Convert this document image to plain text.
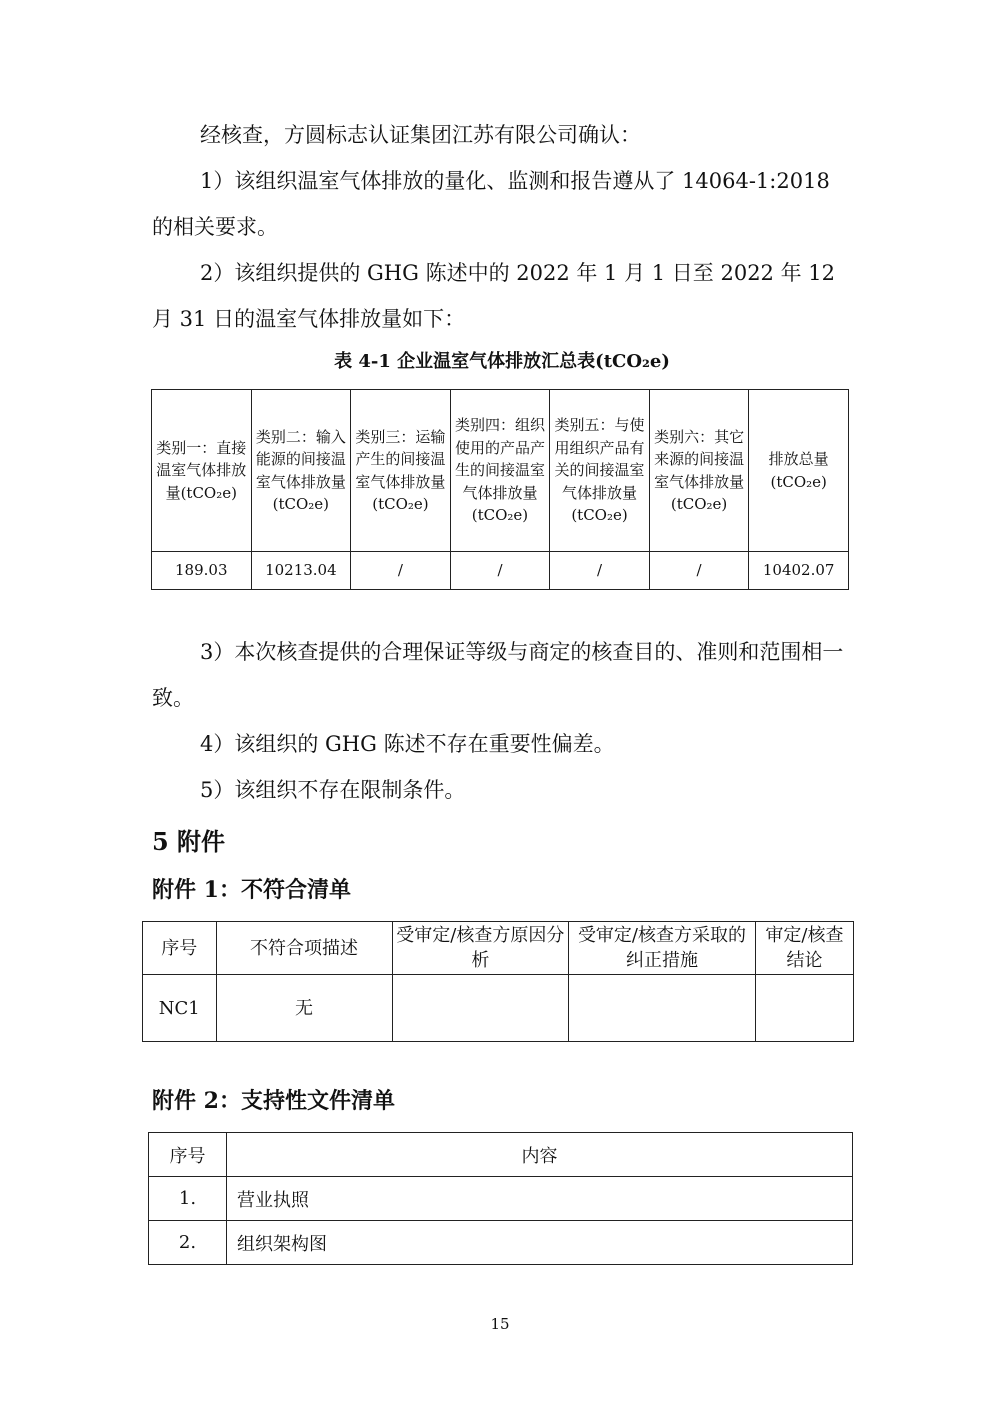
经核查，方圆标志认证集团江苏有限公司确认：

1）该组织温室气体排放的量化、监测和报告遵从了 14064-1:2018 的相关要求。

2）该组织提供的 GHG 陈述中的 2022 年 1 月 1 日至 2022 年 12 月 31 日的温室气体排放量如下：

表 4-1 企业温室气体排放汇总表(tCO₂e)
类别一：直接温室气体排放量(tCO₂e)	类别二：输入能源的间接温室气体排放量(tCO₂e)	类别三：运输产生的间接温室气体排放量(tCO₂e)	类别四：组织使用的产品产生的间接温室气体排放量(tCO₂e)	类别五：与使用组织产品有关的间接温室气体排放量(tCO₂e)	类别六：其它来源的间接温室气体排放量(tCO₂e)	排放总量(tCO₂e)
189.03	10213.04	/	/	/	/	10402.07

3）本次核查提供的合理保证等级与商定的核查目的、准则和范围相一致。

4）该组织的 GHG 陈述不存在重要性偏差。

5）该组织不存在限制条件。

5 附件
附件 1：不符合清单
序号	不符合项描述	受审定/核查方原因分析	受审定/核查方采取的纠正措施	审定/核查结论
NC1	无			
附件 2：支持性文件清单
序号	内容
1.	营业执照
2.	组织架构图
15
